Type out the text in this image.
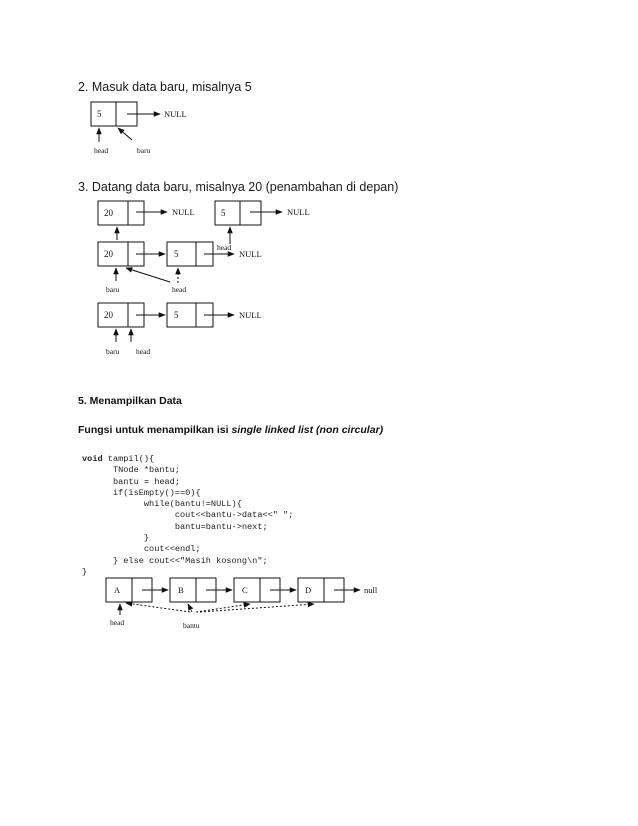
2. Masuk data baru, misalnya 5
3. Datang data baru, misalnya 20 (penambahan di depan)
5	NULL
head	baru
20	NULL	5	NULL
head
20	5	NULL
baru	head
20	5	NULL
baru head
A	B	C	D	null
head	bantu
5. Menampilkan Data
Fungsi untuk menampilkan isi single linked list (non circular)
void tampil(){
TNode *bantu;
bantu = head;
if(isEmpty()==0){
while(bantu!=NULL){
cout<<bantu->data<<" ";
bantu=bantu->next;
}
cout<<endl;
} else cout<<"Masih kosong\n";
}
